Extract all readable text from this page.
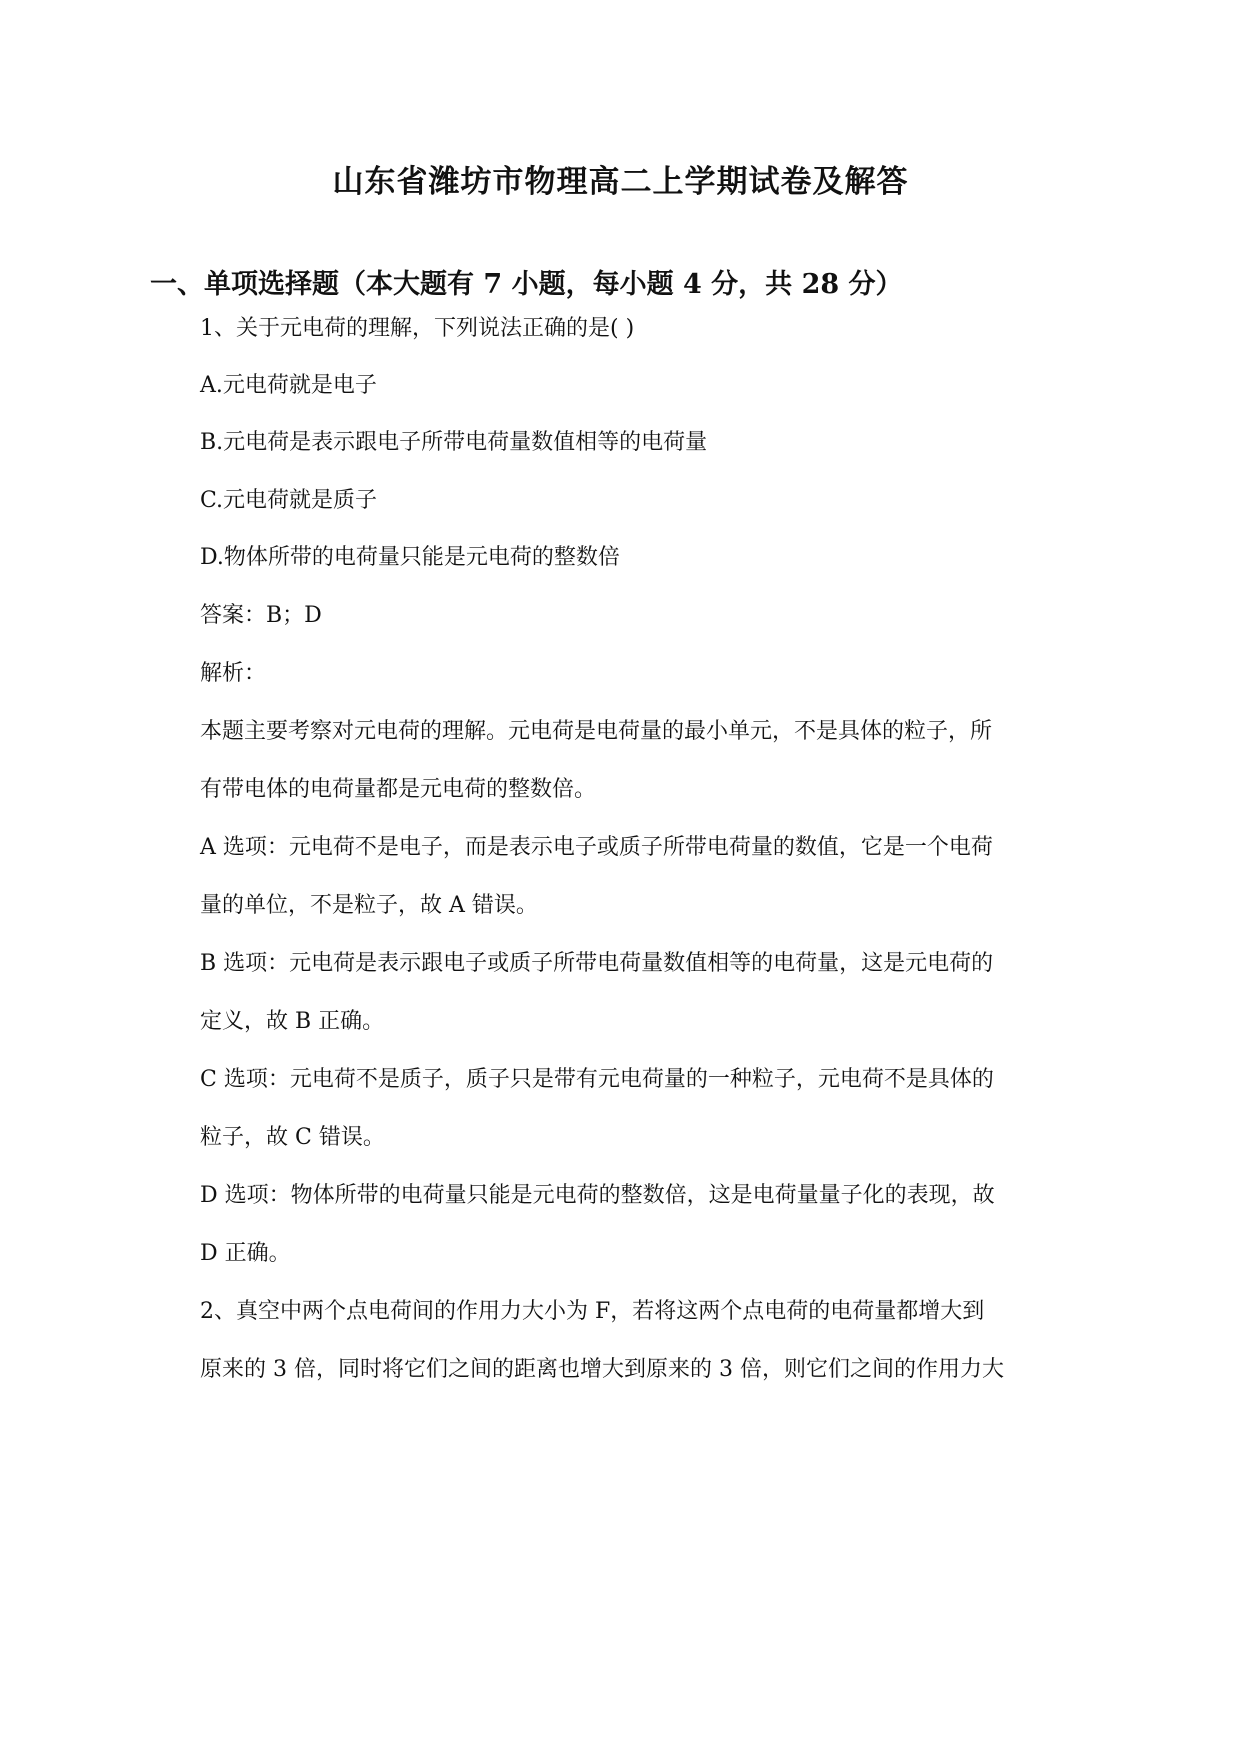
山东省潍坊市物理高二上学期试卷及解答
一、单项选择题（本大题有 7 小题，每小题 4 分，共 28 分）

1、关于元电荷的理解，下列说法正确的是( )

A.元电荷就是电子

B.元电荷是表示跟电子所带电荷量数值相等的电荷量

C.元电荷就是质子

D.物体所带的电荷量只能是元电荷的整数倍

答案：B；D

解析：

本题主要考察对元电荷的理解。元电荷是电荷量的最小单元，不是具体的粒子，所

有带电体的电荷量都是元电荷的整数倍。

A 选项：元电荷不是电子，而是表示电子或质子所带电荷量的数值，它是一个电荷

量的单位，不是粒子，故 A 错误。

B 选项：元电荷是表示跟电子或质子所带电荷量数值相等的电荷量，这是元电荷的

定义，故 B 正确。

C 选项：元电荷不是质子，质子只是带有元电荷量的一种粒子，元电荷不是具体的

粒子，故 C 错误。

D 选项：物体所带的电荷量只能是元电荷的整数倍，这是电荷量量子化的表现，故

D 正确。

2、真空中两个点电荷间的作用力大小为 F，若将这两个点电荷的电荷量都增大到

原来的 3 倍，同时将它们之间的距离也增大到原来的 3 倍，则它们之间的作用力大
